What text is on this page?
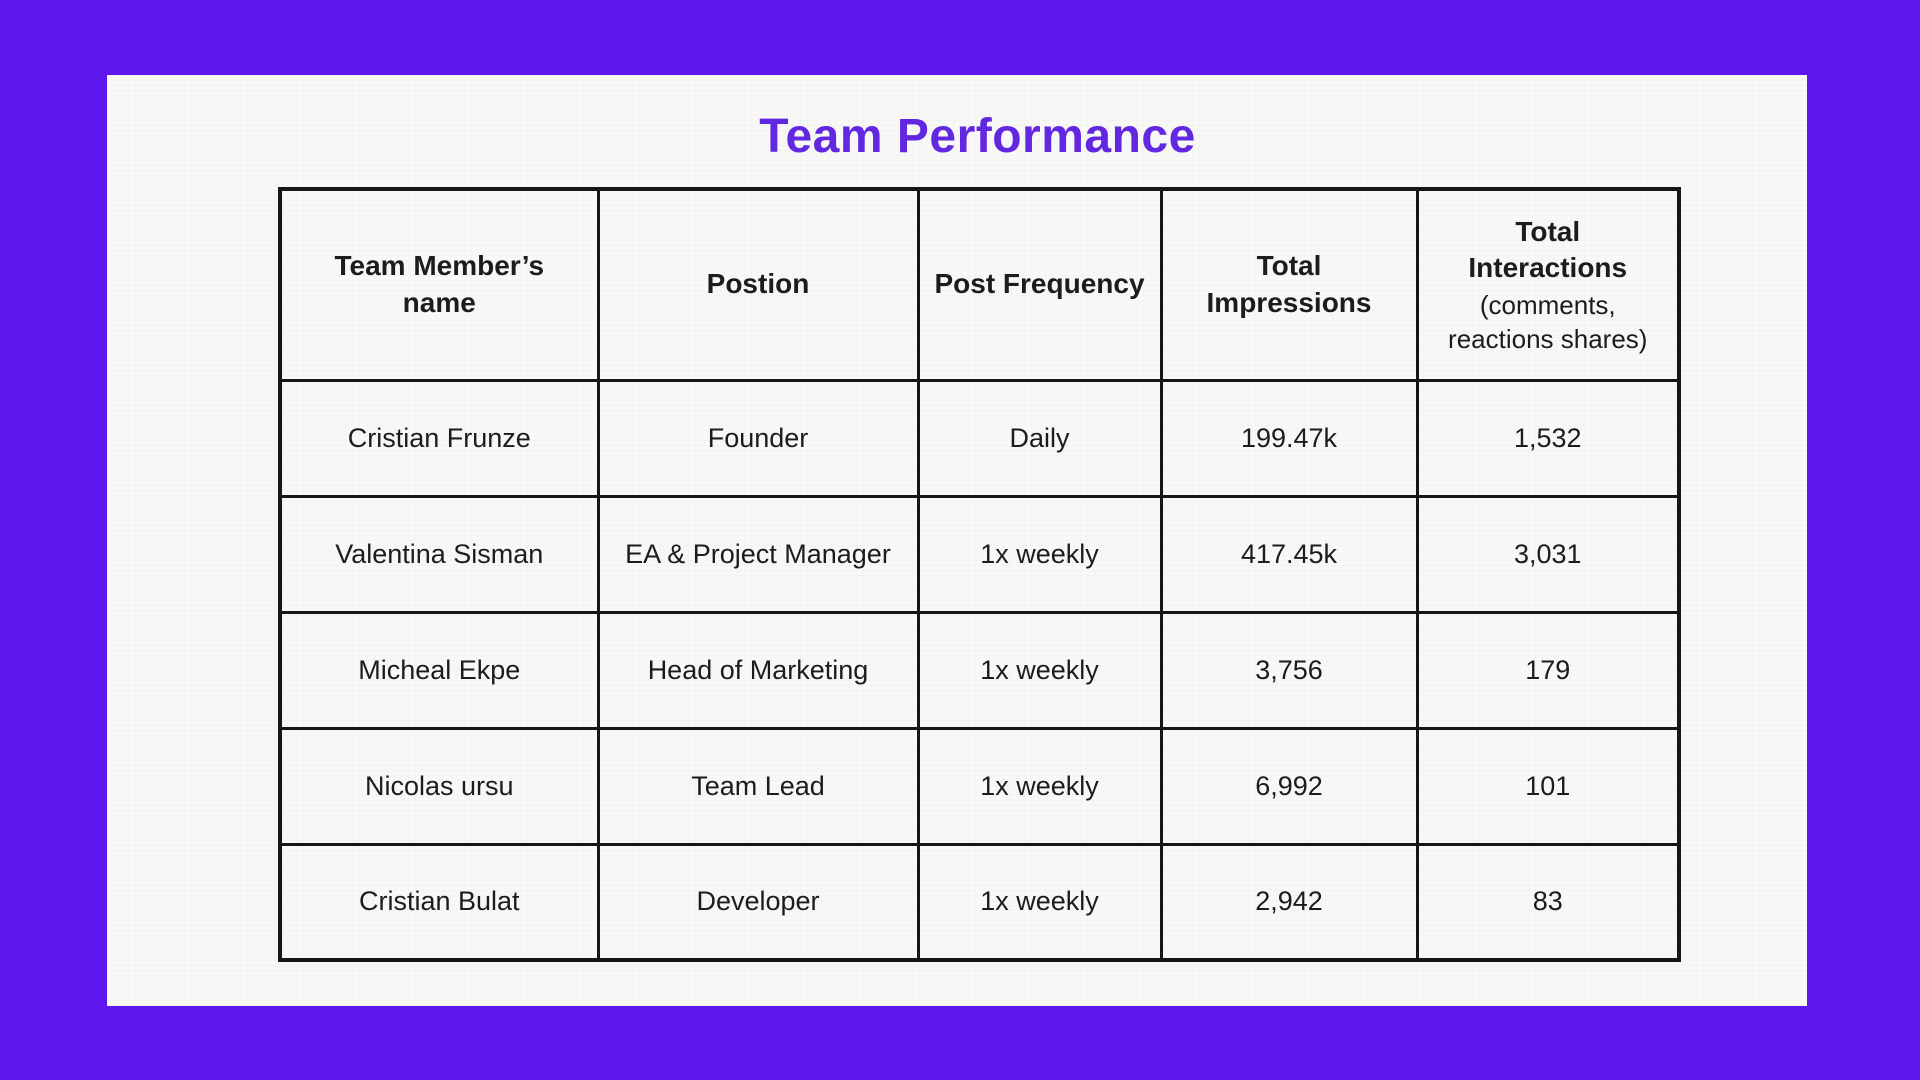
Team Performance
Team Member’s name	Postion	Post Frequency	Total Impressions	Total Interactions
(comments, reactions shares)

Cristian Frunze	Founder	Daily	199.47k	1,532
Valentina Sisman	EA & Project Manager	1x weekly	417.45k	3,031
Micheal Ekpe	Head of Marketing	1x weekly	3,756	179
Nicolas ursu	Team Lead	1x weekly	6,992	101
Cristian Bulat	Developer	1x weekly	2,942	83
